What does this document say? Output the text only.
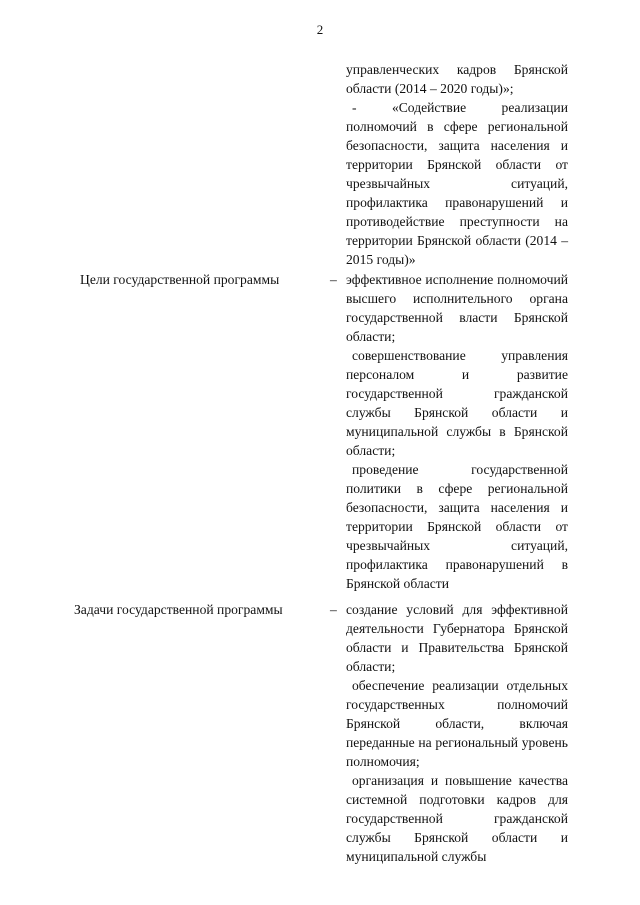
2

управленческих кадров Брянской области (2014 – 2020 годы)»;

- «Содействие реализации полномочий в сфере региональной безопасности, защита населения и территории Брянской области от чрезвычайных ситуаций, профилактика правонарушений и противодействие преступности на территории Брянской области (2014 – 2015 годы)»

Цели государственной программы	– эффективное исполнение полномочий высшего исполнительного органа государственной власти Брянской области;

совершенствование управления персоналом и развитие государственной гражданской службы Брянской области и муниципальной службы в Брянской области;

проведение государственной политики в сфере региональной безопасности, защита населения и территории Брянской области от чрезвычайных ситуаций, профилактика правонарушений в Брянской области

Задачи государственной программы	– создание условий для эффективной деятельности Губернатора Брянской области и Правительства Брянской области;

обеспечение реализации отдельных государственных полномочий Брянской области, включая переданные на региональный уровень полномочия;

организация и повышение качества системной подготовки кадров для государственной гражданской службы Брянской области и муниципальной службы
